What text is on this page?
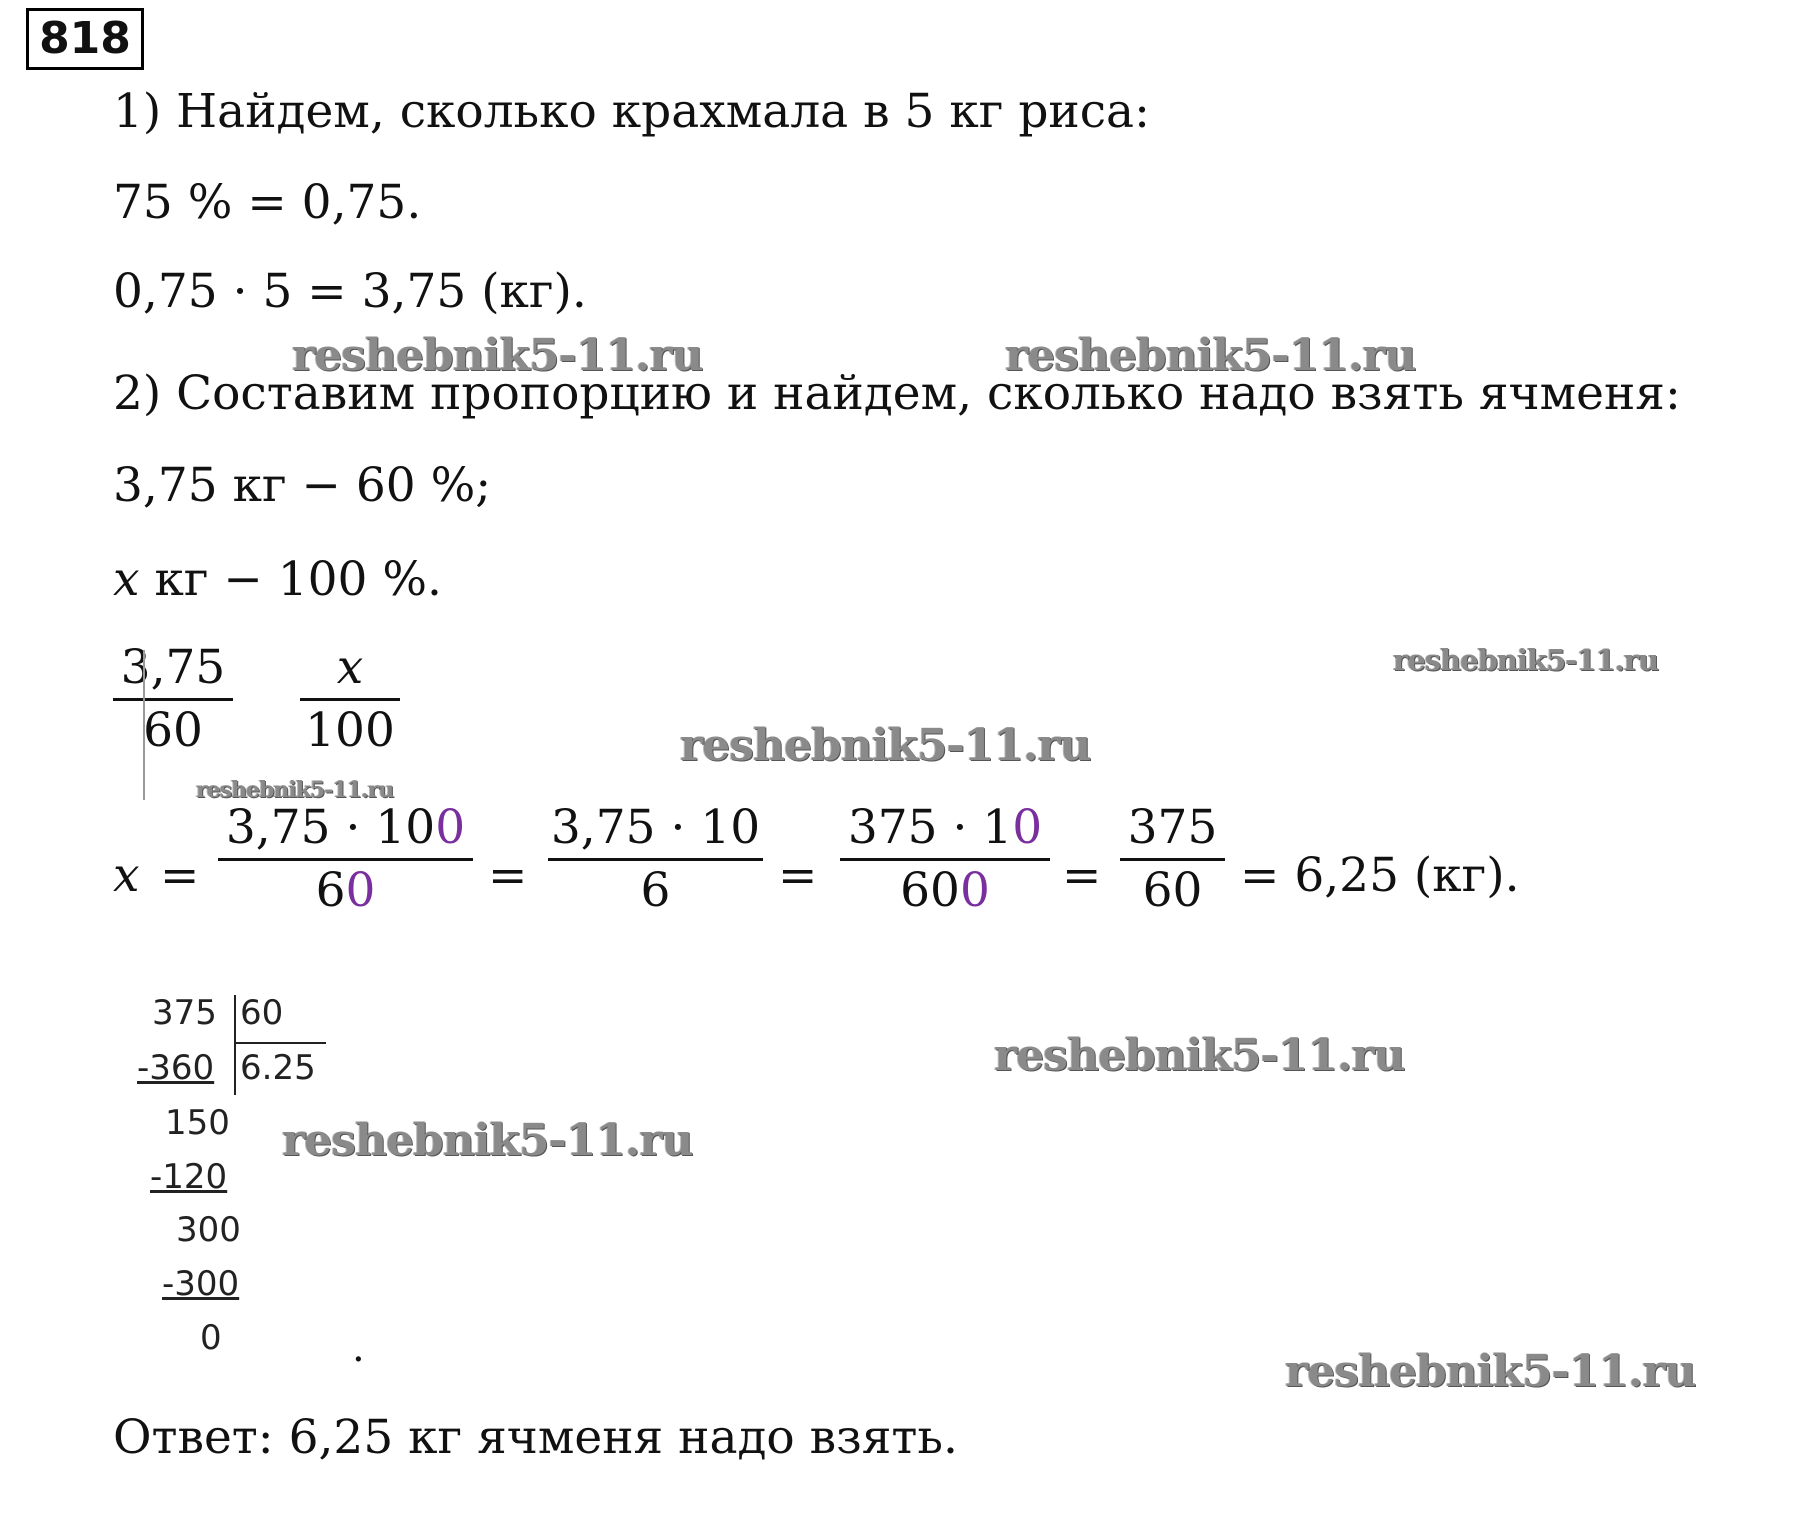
818
1) Найдем, сколько крахмала в 5 кг риса:
75 % = 0,75.
0,75 · 5 = 3,75 (кг).
2) Составим пропорцию и найдем, сколько надо взять ячменя:
3,75 кг − 60 %;
x кг − 100 %.
3,75
60
x
100
x =
3,75 · 100
60	=
3,75 · 10
6	=
375 · 10
600	=
375
60 = 6,25 (кг).
375 60
-360 6.25
150
-120
300
-300
0
Ответ: 6,25 кг ячменя надо взять.
reshebnik5-11.ru	reshebnik5-11.ru
reshebnik5-11.ru
reshebnik5-11.ru
reshebnik5-11.ru
reshebnik5-11.ru
reshebnik5-11.ru
reshebnik5-11.ru
.
